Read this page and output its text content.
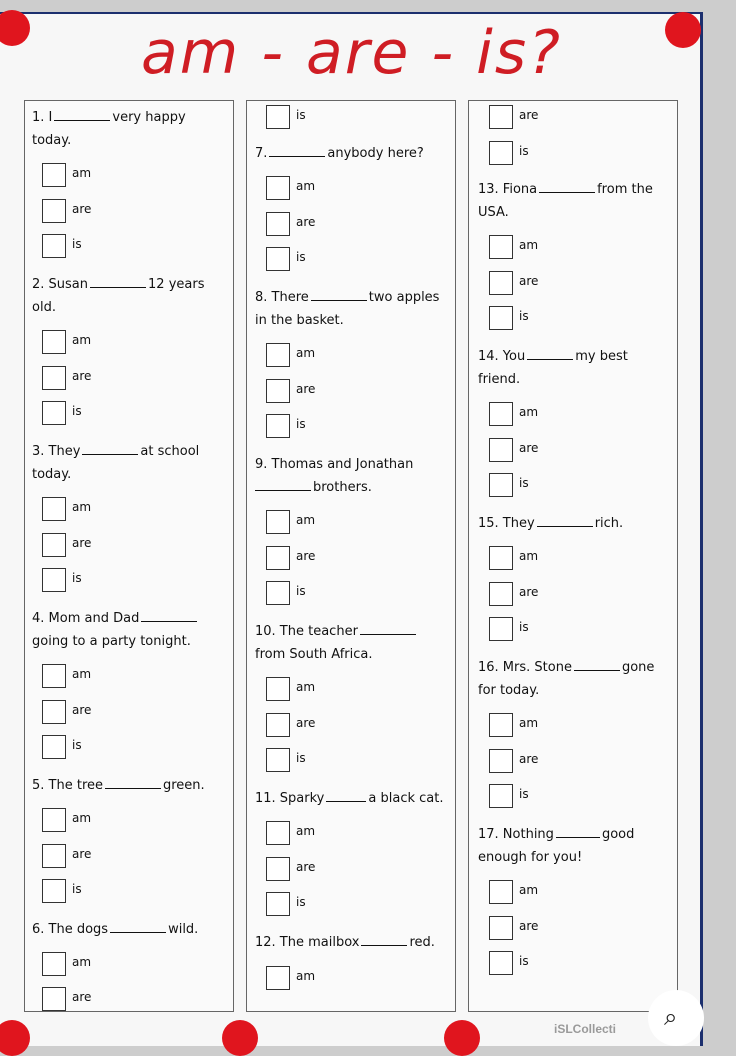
am - are - is?
1. I	very happy
today.
am
are
is
2. Susan	12 years
old.
am
are
is
3. They	at school
today.
am
are
is
4. Mom and Dad
going to a party tonight.
am
are
is
5. The tree	green.
am
are
is
6. The dogs	wild.
am
are
is
7.	anybody here?
am
are
is
8. There	two apples
in the basket.
am
are
is
9. Thomas and Jonathan
brothers.
am
are
is
10. The teacher
from South Africa.
am
are
is
11. Sparky	a black cat.
am
are
is
12. The mailbox	red.
am
are
is
13. Fiona	from the
USA.
am
are
is
14. You	my best
friend.
am
are
is
15. They	rich.
am
are
is
16. Mrs. Stone	gone
for today.
am
are
is
17. Nothing	good
enough for you!
am
are
is
iSLCollecti ⌕
